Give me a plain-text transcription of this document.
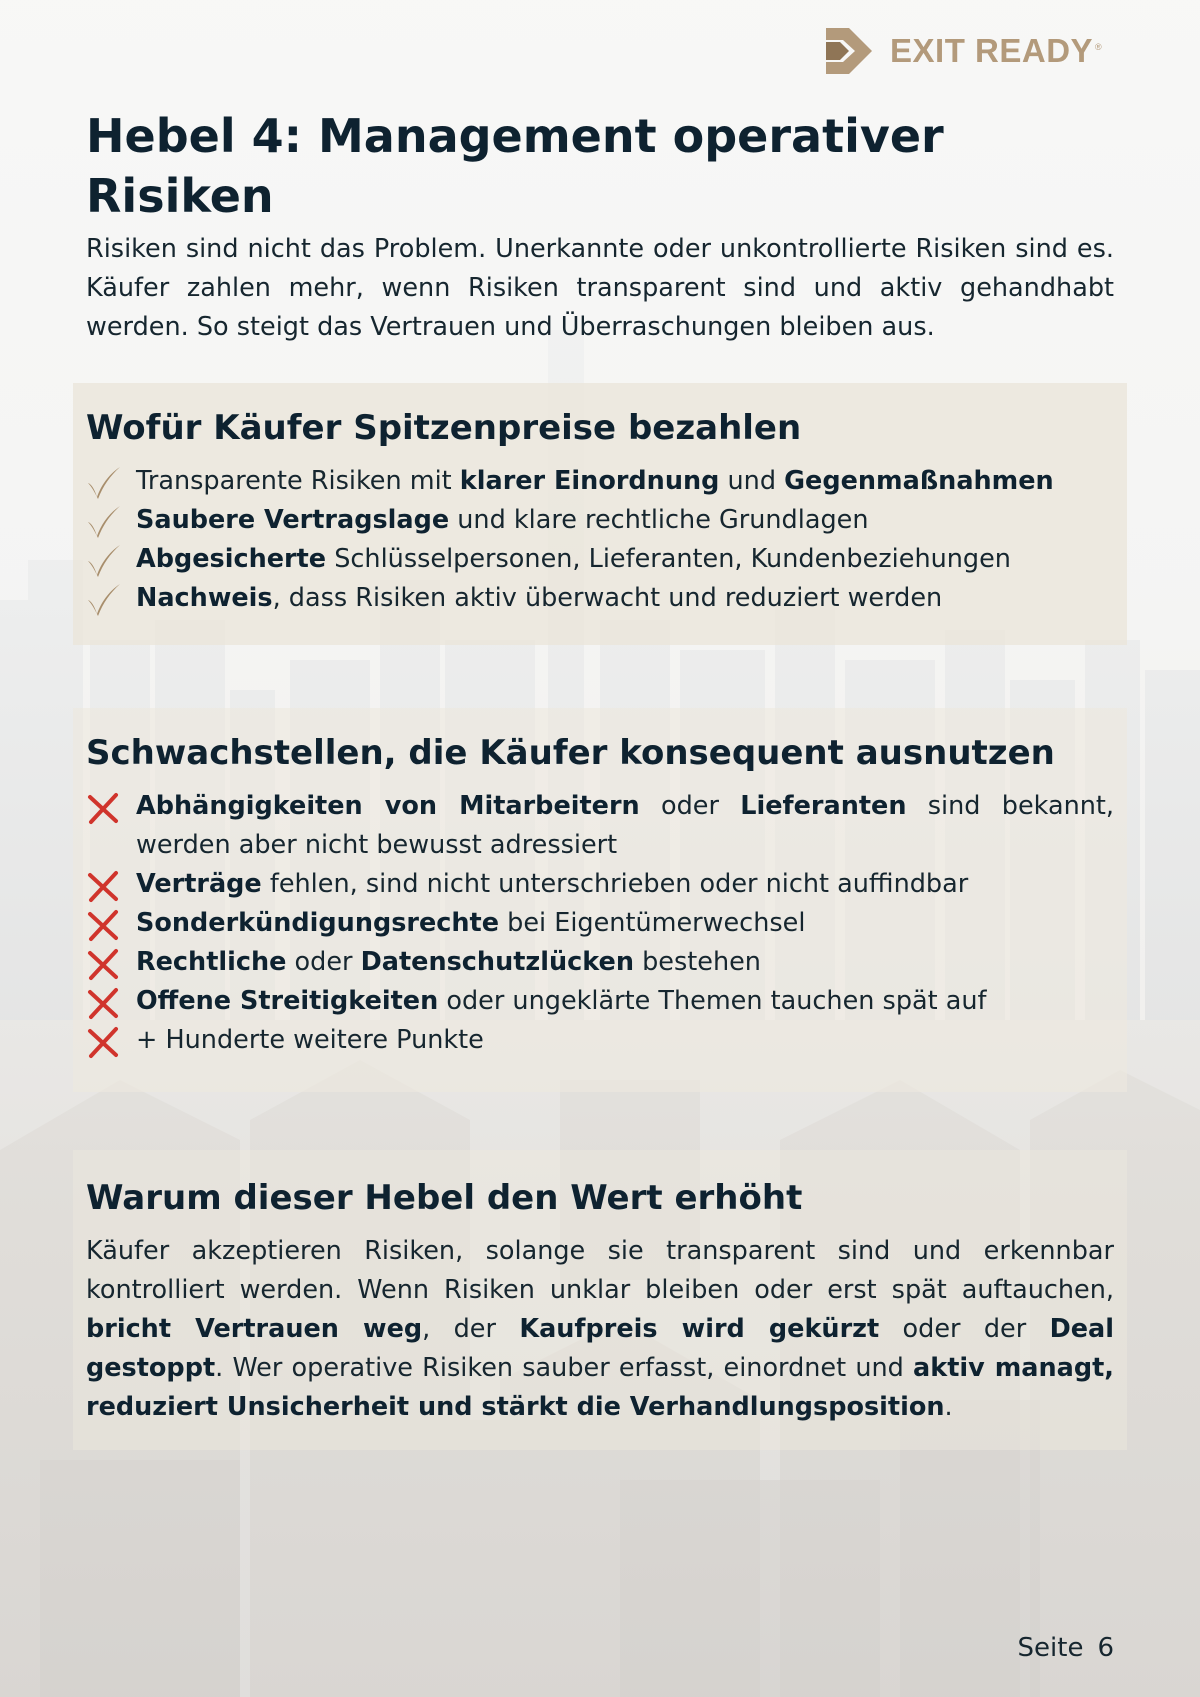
EXIT READY ®
Hebel 4: Management operativer Risiken

Risiken sind nicht das Problem. Unerkannte oder unkontrollierte Risiken sind es. Käufer zahlen mehr, wenn Risiken transparent sind und aktiv gehandhabt werden. So steigt das Vertrauen und Überraschungen bleiben aus.

Wofür Käufer Spitzenpreise bezahlen
Transparente Risiken mit klarer Einordnung und Gegenmaßnahmen
Saubere Vertragslage und klare rechtliche Grundlagen
Abgesicherte Schlüsselpersonen, Lieferanten, Kundenbeziehungen
Nachweis, dass Risiken aktiv überwacht und reduziert werden
Schwachstellen, die Käufer konsequent ausnutzen
Abhängigkeiten von Mitarbeitern oder Lieferanten sind bekannt, werden aber nicht bewusst adressiert
Verträge fehlen, sind nicht unterschrieben oder nicht auffindbar
Sonderkündigungsrechte bei Eigentümerwechsel
Rechtliche oder Datenschutzlücken bestehen
Offene Streitigkeiten oder ungeklärte Themen tauchen spät auf
+ Hunderte weitere Punkte
Warum dieser Hebel den Wert erhöht

Käufer akzeptieren Risiken, solange sie transparent sind und erkennbar kontrolliert werden. Wenn Risiken unklar bleiben oder erst spät auftauchen, bricht Vertrauen weg, der Kaufpreis wird gekürzt oder der Deal gestoppt. Wer operative Risiken sauber erfasst, einordnet und aktiv managt, reduziert Unsicherheit und stärkt die Verhandlungsposition.

Seite 6
